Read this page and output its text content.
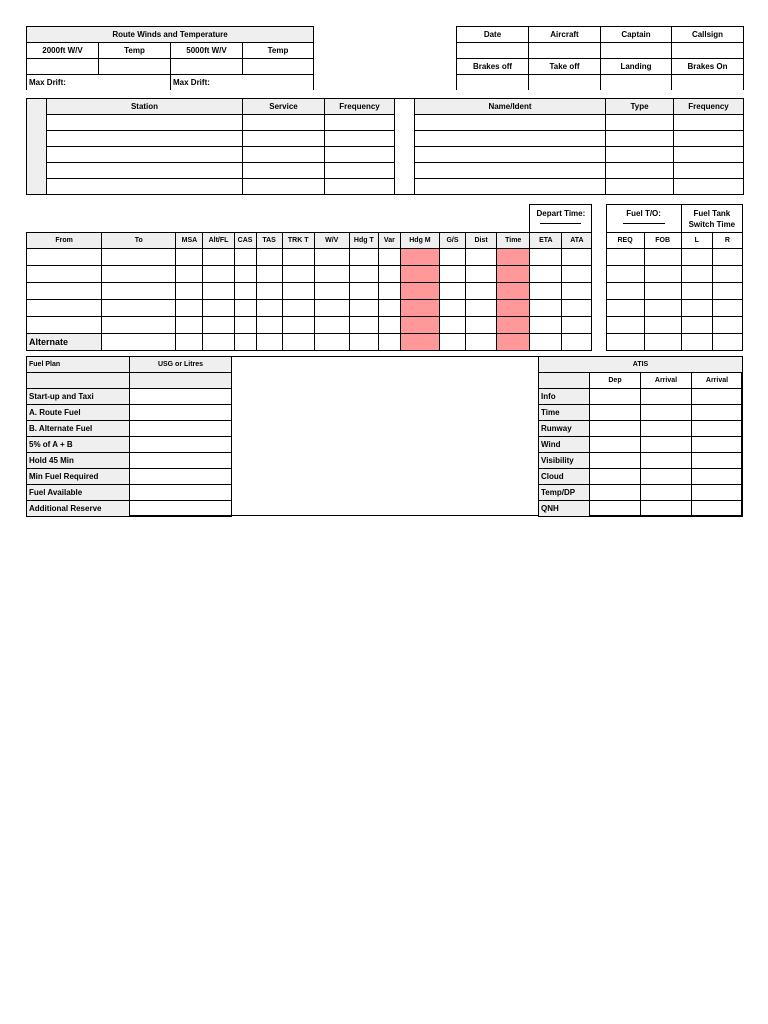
Route Winds and Temperature			
2000ft W/V	Temp	5000ft W/V	Temp

Max Drift:		Max Drift:	
Date	Aircraft	Captain	Callsign

Brakes off	Take off	Landing	Brakes On

	Station	Service	Frequency		Name/Ident	Type	Frequency

														Depart Time:			Fuel T/O:		Fuel Tank
Switch Time	

From	To	MSA	Alt/FL	CAS	TAS	TRK T	W/V	Hdg T	Var	Hdg M	G/S	Dist	Time	ETA	ATA		REQ	FOB	L	R

Alternate																				
Fuel Plan	USG or Litres

Start-up and Taxi	
A. Route Fuel	
B. Alternate Fuel	
5% of A + B	
Hold 45 Min	
Min Fuel Required	
Fuel Available	
Additional Reserve	
ATIS			
	Dep	Arrival	Arrival
Info			
Time			
Runway			
Wind			
Visibility			
Cloud			
Temp/DP			
QNH			
